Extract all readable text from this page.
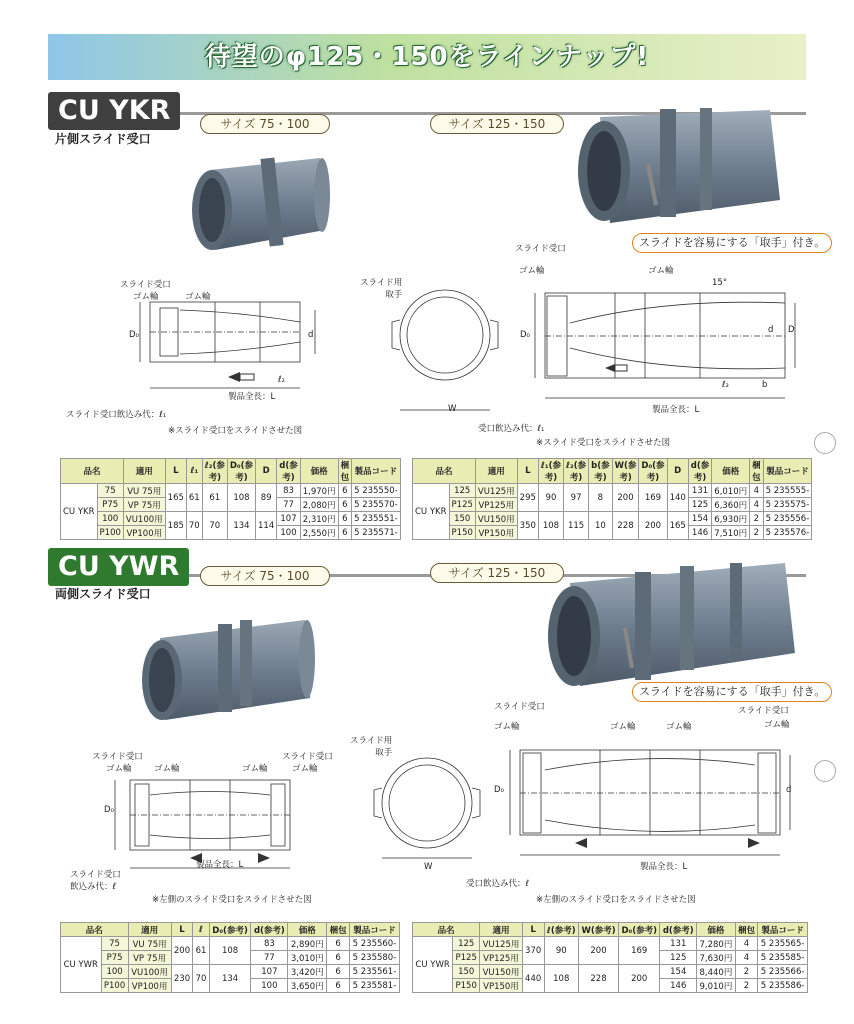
待望のφ125・150をラインナップ!
CU YKR
片側スライド受口
サイズ 75・100	サイズ 125・150
スライドを容易にする「取手」付き。
スライド受口
ゴム輪	ゴム輪
D₀	d
ℓ₂
製品全長：L
スライド受口飲込み代：ℓ₁
※スライド受口をスライドさせた図
スライド用
取手
W
スライド受口
ゴム輪	ゴム輪
15°
D₀	d D
ℓ₂	b
製品全長：L
受口飲込み代：ℓ₁
※スライド受口をスライドさせた図
品名		適用	L	ℓ₁	ℓ₂(参考)	D₀(参考)	D	d(参考)	価格	梱包	製品コード
CU YKR	75	VU 75用	165	61	61	108	89	83	1,970円	6	5 235550-
	P75	VP 75用						77	2,080円	6	5 235570-
	100	VU100用	185	70	70	134	114	107	2,310円	6	5 235551-
	P100	VP100用						100	2,550円	6	5 235571-
品名		適用	L	ℓ₁(参考)	ℓ₂(参考)	b(参考)	W(参考)	D₀(参考)	D	d(参考)	価格	梱包	製品コード
CU YKR	125	VU125用	295	90	97	8	200	169	140	131	6,010円	4	5 235555-
	P125	VP125用								125	6,360円	4	5 235575-
	150	VU150用	350	108	115	10	228	200	165	154	6,930円	2	5 235556-
	P150	VP150用								146	7,510円	2	5 235576-
CU YWR
両側スライド受口
サイズ 75・100	サイズ 125・150
スライドを容易にする「取手」付き。
スライド受口	スライド受口
ゴム輪	ゴム輪	ゴム輪	ゴム輪
D₀
製品全長：L
スライド受口
飲込み代：ℓ
※左側のスライド受口をスライドさせた図
スライド用
取手
W
スライド受口	スライド受口
ゴム輪	ゴム輪	ゴム輪	ゴム輪
D₀	d
製品全長：L
受口飲込み代：ℓ
※左側のスライド受口をスライドさせた図
品名		適用	L	ℓ	D₀(参考)	d(参考)	価格	梱包	製品コード
CU YWR	75	VU 75用	200	61	108	83	2,890円	6	5 235560-
	P75	VP 75用				77	3,010円	6	5 235580-
	100	VU100用	230	70	134	107	3,420円	6	5 235561-
	P100	VP100用				100	3,650円	6	5 235581-
品名		適用	L	ℓ(参考)	W(参考)	D₀(参考)	d(参考)	価格	梱包	製品コード
CU YWR	125	VU125用	370	90	200	169	131	7,280円	4	5 235565-
	P125	VP125用					125	7,630円	4	5 235585-
	150	VU150用	440	108	228	200	154	8,440円	2	5 235566-
	P150	VP150用					146	9,010円	2	5 235586-
